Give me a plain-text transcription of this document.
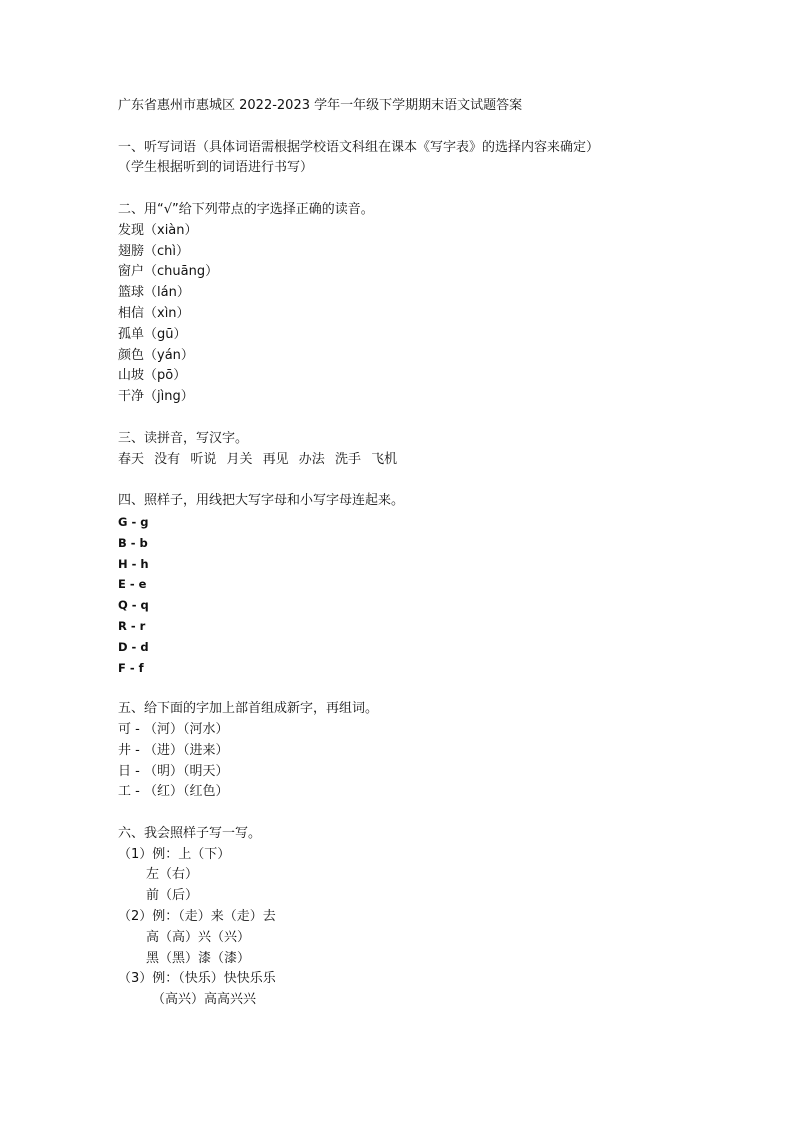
广东省惠州市惠城区 2022-2023 学年一年级下学期期末语文试题答案
一、听写词语（具体词语需根据学校语文科组在课本《写字表》的选择内容来确定）
（学生根据听到的词语进行书写）
二、用“√”给下列带点的字选择正确的读音。
发现（xiàn）
翅膀（chì）
窗户（chuāng）
篮球（lán）
相信（xìn）
孤单（gū）
颜色（yán）
山坡（pō）
干净（jìng）
三、读拼音，写汉字。
春天 没有 听说 月关 再见 办法 洗手 飞机
四、照样子，用线把大写字母和小写字母连起来。
G - g
B - b
H - h
E - e
Q - q
R - r
D - d
F - f
五、给下面的字加上部首组成新字，再组词。
可 - （河）（河水）
井 - （进）（进来）
日 - （明）（明天）
工 - （红）（红色）
六、我会照样子写一写。
（1）例：上（下）
左（右）
前（后）
（2）例：（走）来（走）去
高（高）兴（兴）
黑（黑）漆（漆）
（3）例：（快乐）快快乐乐
（高兴）高高兴兴
